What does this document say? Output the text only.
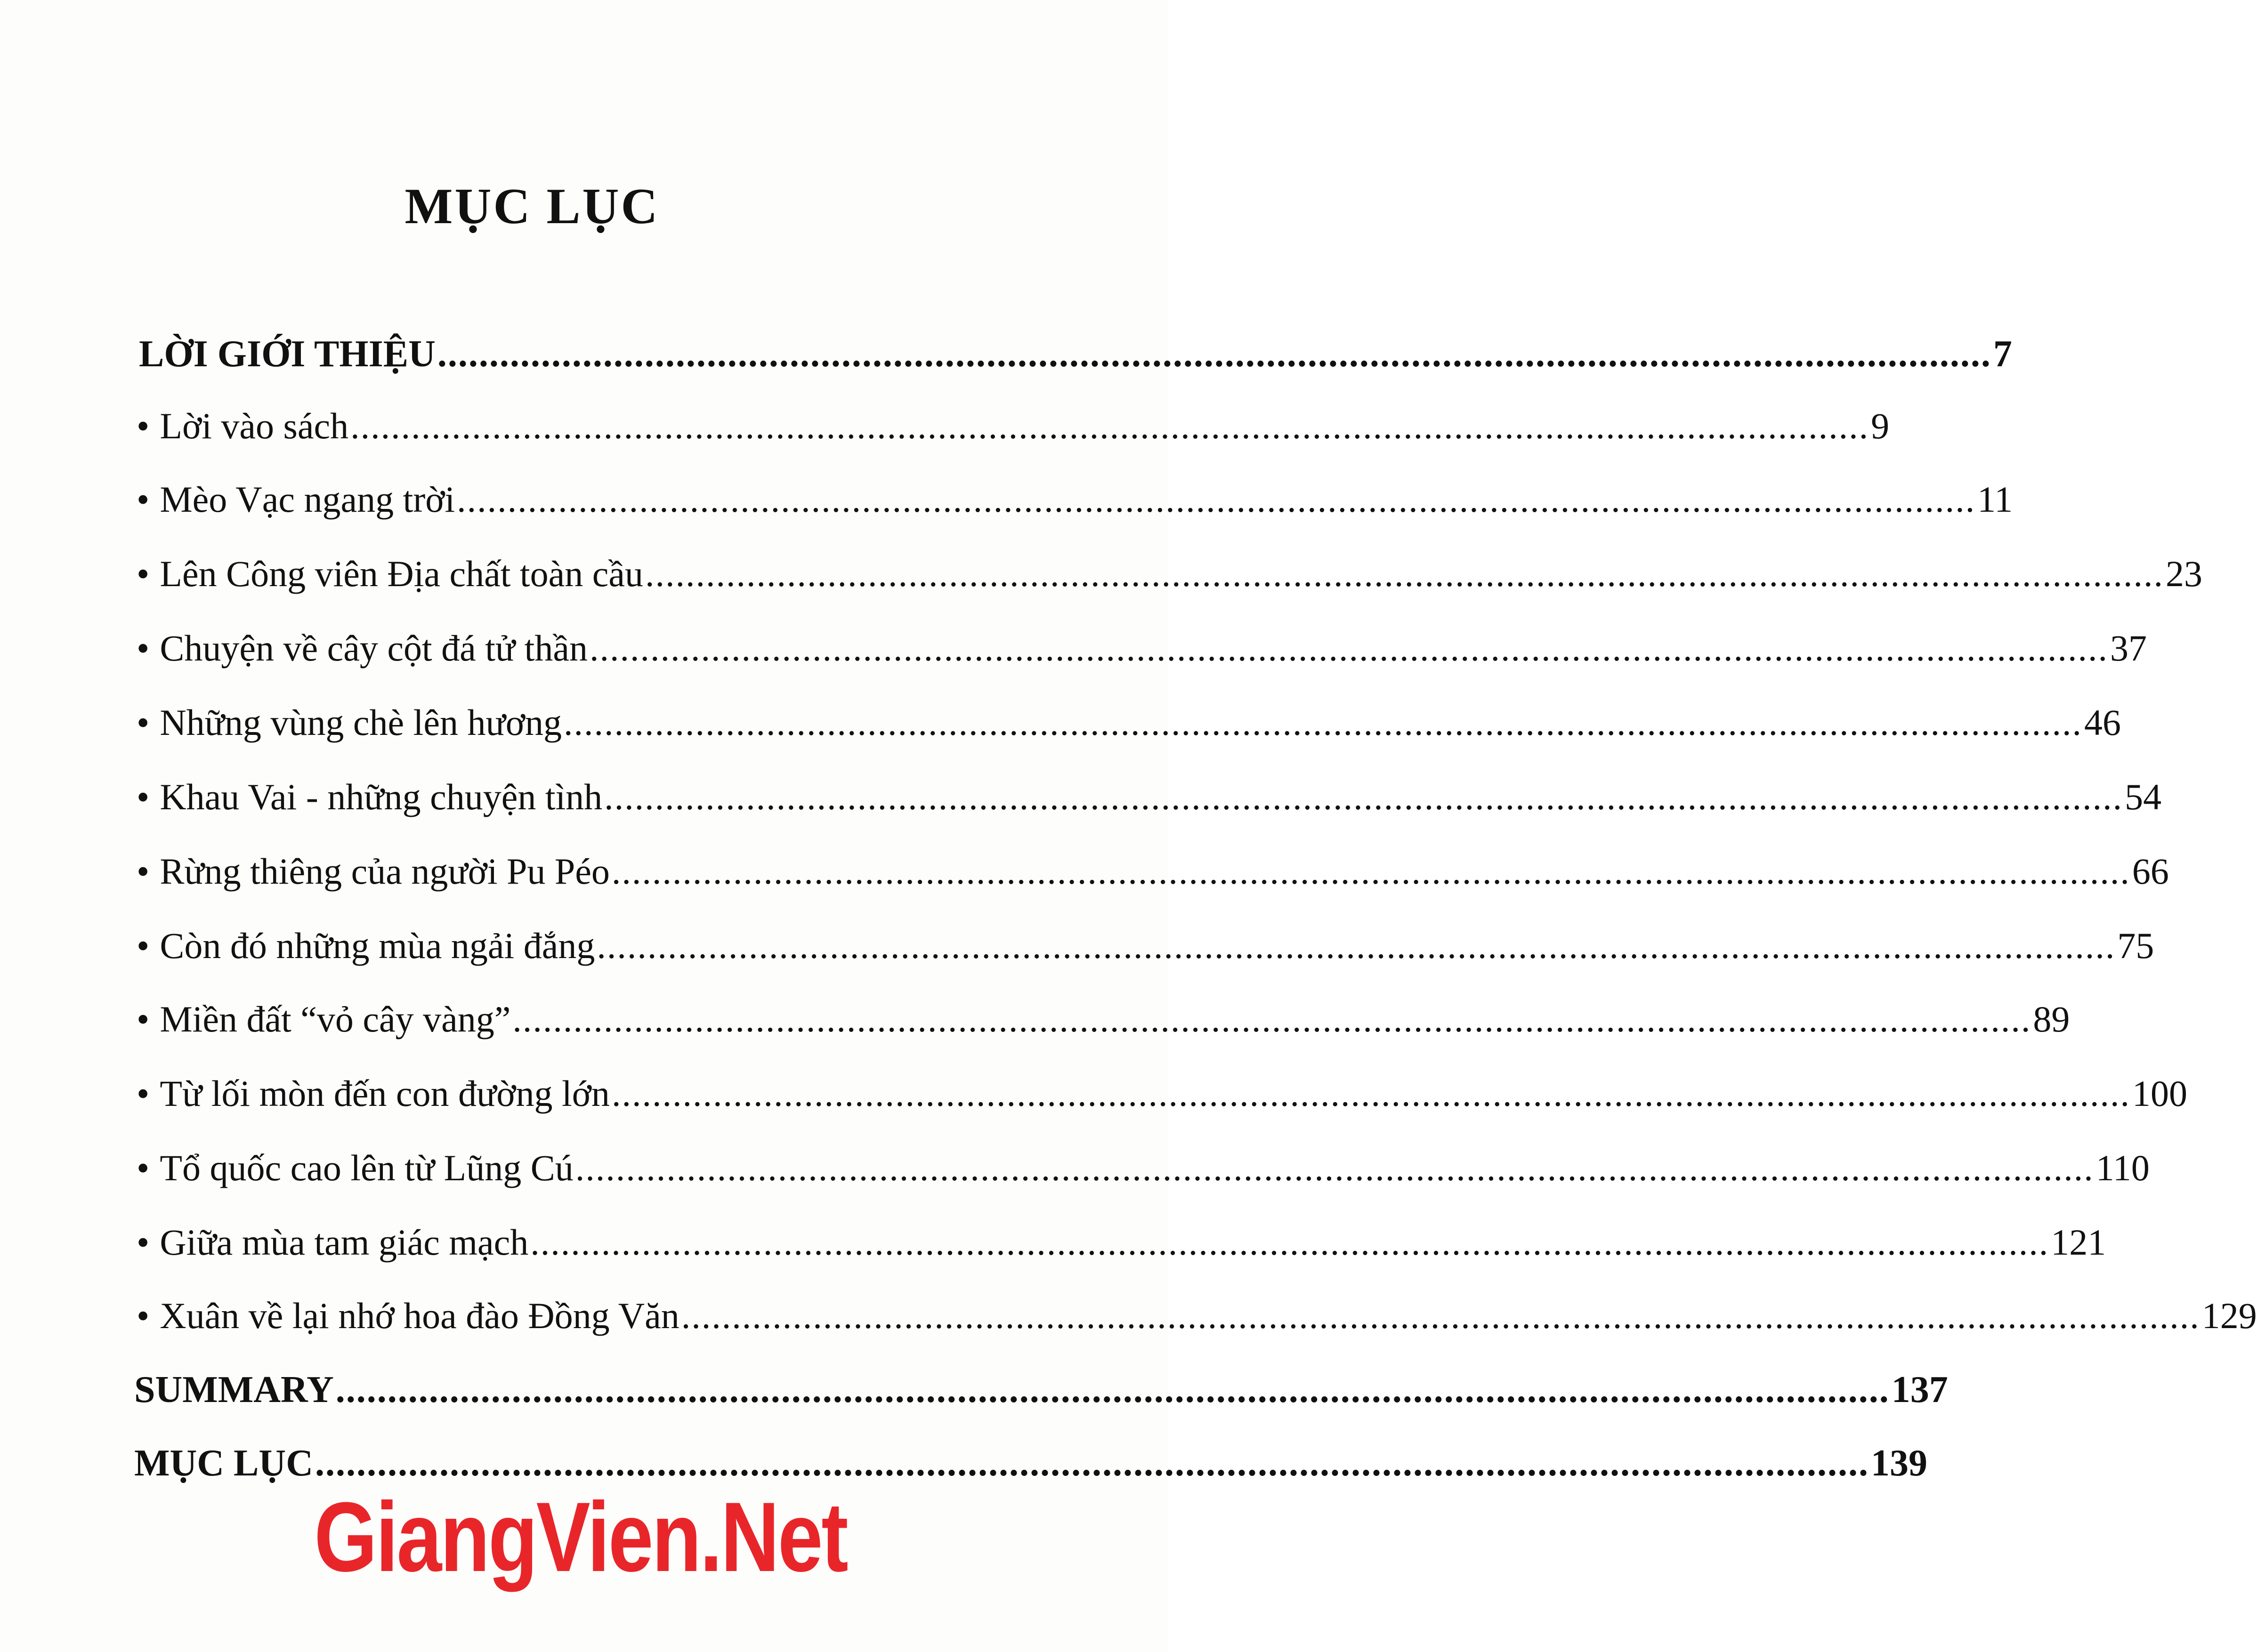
MỤC LỤC
LỜI GIỚI THIỆU ...................................................................................................................................................... 7
• Lời vào sách ...................................................................................................................................................... 9
• Mèo Vạc ngang trời ...................................................................................................................................................... 11
• Lên Công viên Địa chất toàn cầu ...................................................................................................................................................... 23
• Chuyện về cây cột đá tử thần ...................................................................................................................................................... 37
• Những vùng chè lên hương ...................................................................................................................................................... 46
• Khau Vai - những chuyện tình ...................................................................................................................................................... 54
• Rừng thiêng của người Pu Péo ...................................................................................................................................................... 66
• Còn đó những mùa ngải đắng ...................................................................................................................................................... 75
• Miền đất “vỏ cây vàng” ...................................................................................................................................................... 89
• Từ lối mòn đến con đường lớn ...................................................................................................................................................... 100
• Tổ quốc cao lên từ Lũng Cú ...................................................................................................................................................... 110
• Giữa mùa tam giác mạch ...................................................................................................................................................... 121
• Xuân về lại nhớ hoa đào Đồng Văn ...................................................................................................................................................... 129
SUMMARY ...................................................................................................................................................... 137
MỤC LỤC ...................................................................................................................................................... 139
GiangVien.Net
